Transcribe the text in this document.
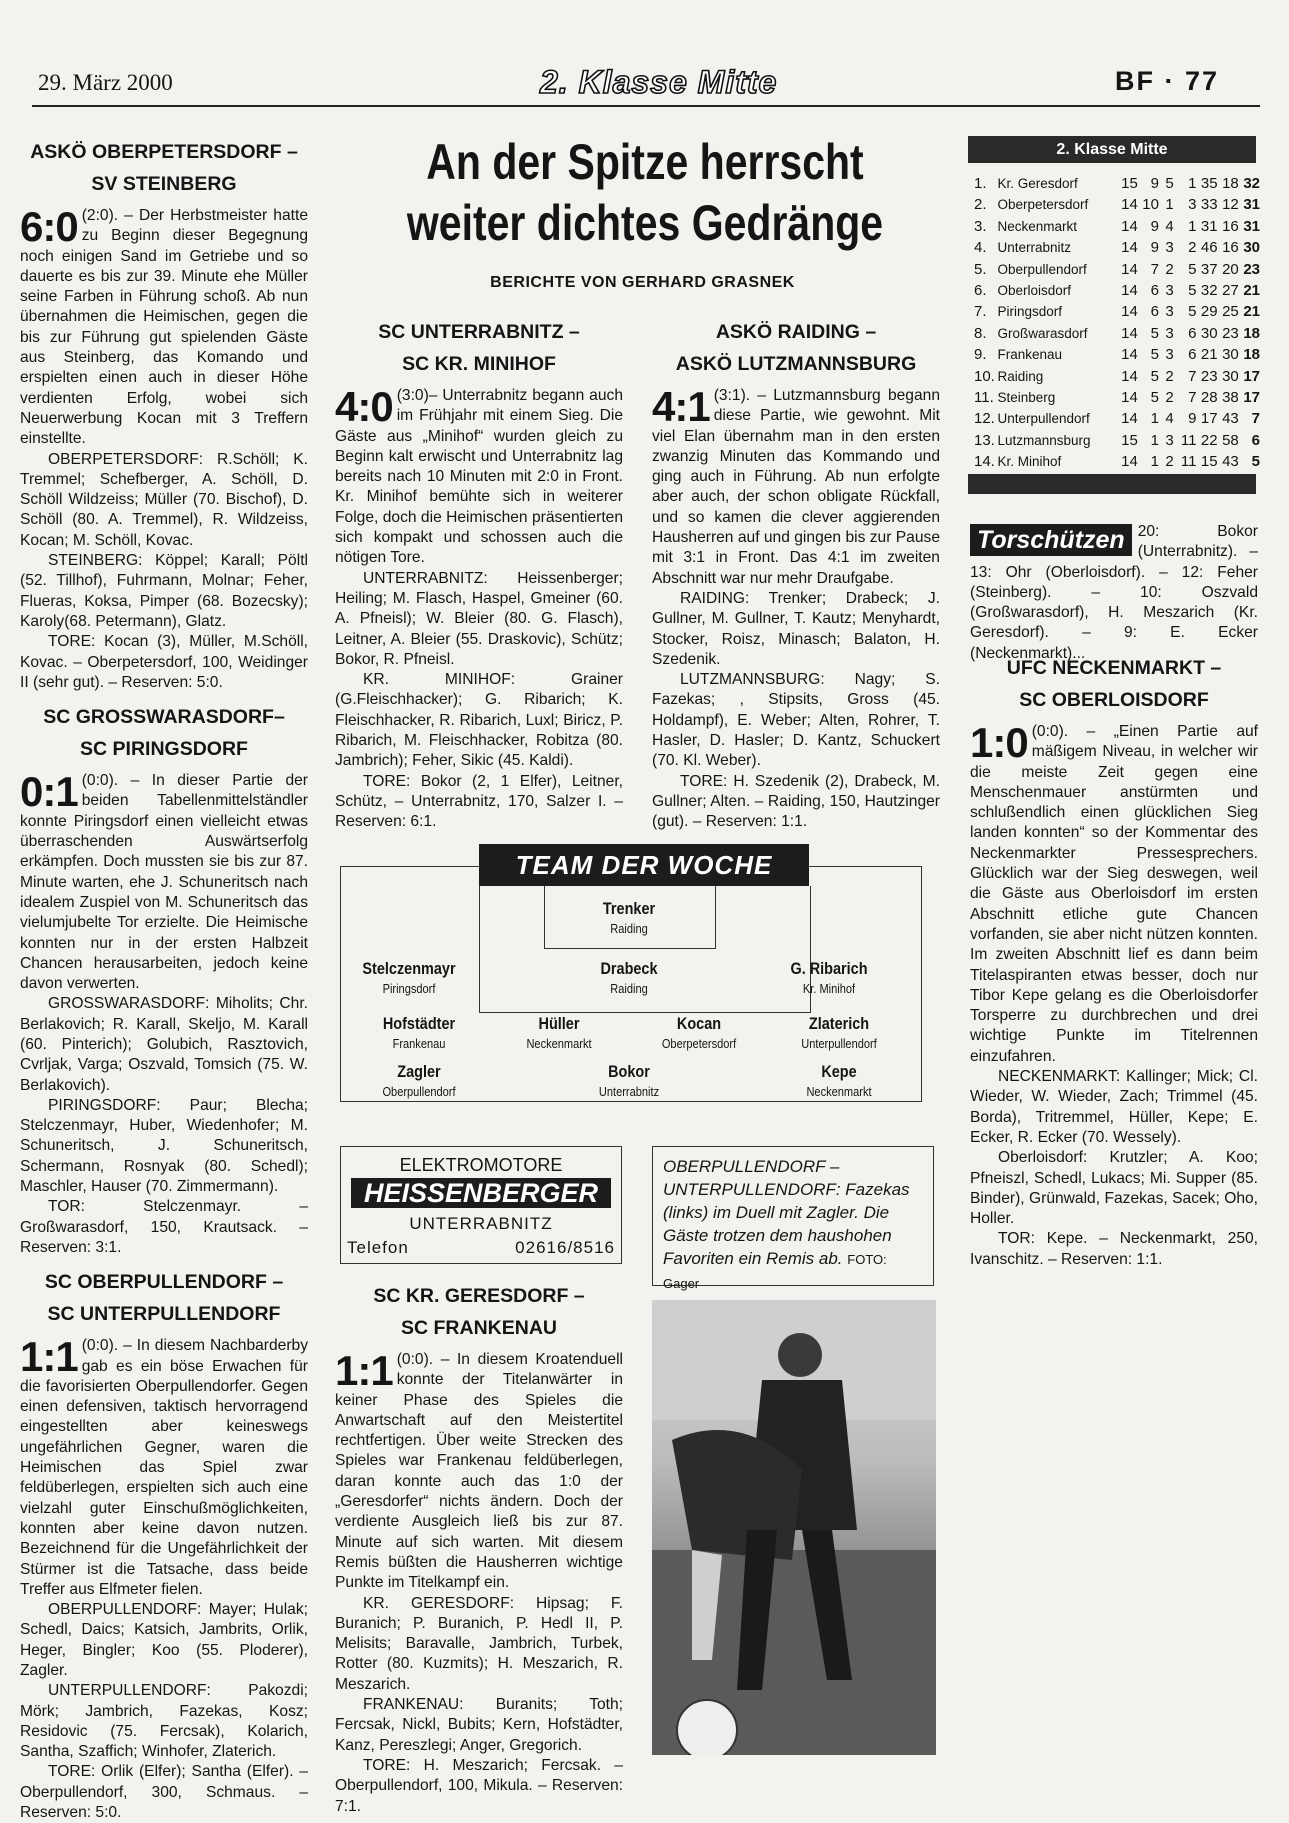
29. März 2000	2. Klasse Mitte	BF · 77
An der Spitze herrscht
weiter dichtes Gedränge
BERICHTE VON GERHARD GRASNEK
ASKÖ OBERPETERSDORF –
SV STEINBERG

6:0 (2:0). – Der Herbstmeister hatte zu Beginn dieser Begegnung noch einigen Sand im Getriebe und so dauerte es bis zur 39. Minute ehe Müller seine Farben in Führung schoß. Ab nun übernahmen die Heimischen, gegen die bis zur Führung gut spielenden Gäste aus Steinberg, das Komando und erspielten einen auch in dieser Höhe verdienten Erfolg, wobei sich Neuerwerbung Kocan mit 3 Treffern einstellte.

OBERPETERSDORF: R.Schöll; K. Tremmel; Schefberger, A. Schöll, D. Schöll Wildzeiss; Müller (70. Bischof), D. Schöll (80. A. Tremmel), R. Wildzeiss, Kocan; M. Schöll, Kovac.

STEINBERG: Köppel; Karall; Pöltl (52. Tillhof), Fuhrmann, Molnar; Feher, Flueras, Koksa, Pimper (68. Bozecsky); Karoly(68. Petermann), Glatz.

TORE: Kocan (3), Müller, M.Schöll, Kovac. – Oberpetersdorf, 100, Weidinger II (sehr gut). – Reserven: 5:0.

SC GROSSWARASDORF–
SC PIRINGSDORF

0:1 (0:0). – In dieser Partie der beiden Tabellenmittelständler konnte Piringsdorf einen vielleicht etwas überraschenden Auswärtserfolg erkämpfen. Doch mussten sie bis zur 87. Minute warten, ehe J. Schuneritsch nach idealem Zuspiel von M. Schuneritsch das vielumjubelte Tor erzielte. Die Heimische konnten nur in der ersten Halbzeit Chancen herausarbeiten, jedoch keine davon verwerten.

GROSSWARASDORF: Miholits; Chr. Berlakovich; R. Karall, Skeljo, M. Karall (60. Pinterich); Golubich, Rasztovich, Cvrljak, Varga; Oszvald, Tomsich (75. W. Berlakovich).

PIRINGSDORF: Paur; Blecha; Stelczenmayr, Huber, Wiedenhofer; M. Schuneritsch, J. Schuneritsch, Schermann, Rosnyak (80. Schedl); Maschler, Hauser (70. Zimmermann).

TOR: Stelczenmayr. – Großwarasdorf, 150, Krautsack. – Reserven: 3:1.

SC OBERPULLENDORF –
SC UNTERPULLENDORF

1:1 (0:0). – In diesem Nachbarderby gab es ein böse Erwachen für die favorisierten Oberpullendorfer. Gegen einen defensiven, taktisch hervorragend eingestellten aber keineswegs ungefährlichen Gegner, waren die Heimischen das Spiel zwar feldüberlegen, erspielten sich auch eine vielzahl guter Einschußmöglichkeiten, konnten aber keine davon nutzen. Bezeichnend für die Ungefährlichkeit der Stürmer ist die Tatsache, dass beide Treffer aus Elfmeter fielen.

OBERPULLENDORF: Mayer; Hulak; Schedl, Daics; Katsich, Jambrits, Orlik, Heger, Bingler; Koo (55. Ploderer), Zagler.

UNTERPULLENDORF: Pakozdi; Mörk; Jambrich, Fazekas, Kosz; Residovic (75. Fercsak), Kolarich, Santha, Szaffich; Winhofer, Zlaterich.

TORE: Orlik (Elfer); Santha (Elfer). – Oberpullendorf, 300, Schmaus. – Reserven: 5:0.

SC UNTERRABNITZ –
SC KR. MINIHOF

4:0 (3:0)– Unterrabnitz begann auch im Frühjahr mit einem Sieg. Die Gäste aus „Minihof“ wurden gleich zu Beginn kalt erwischt und Unterrabnitz lag bereits nach 10 Minuten mit 2:0 in Front. Kr. Minihof bemühte sich in weiterer Folge, doch die Heimischen präsentierten sich kompakt und schossen auch die nötigen Tore.

UNTERRABNITZ: Heissenberger; Heiling; M. Flasch, Haspel, Gmeiner (60. A. Pfneisl); W. Bleier (80. G. Flasch), Leitner, A. Bleier (55. Draskovic), Schütz; Bokor, R. Pfneisl.

KR. MINIHOF: Grainer (G.Fleischhacker); G. Ribarich; K. Fleischhacker, R. Ribarich, Luxl; Biricz, P. Ribarich, M. Fleischhacker, Robitza (80. Jambrich); Feher, Sikic (45. Kaldi).

TORE: Bokor (2, 1 Elfer), Leitner, Schütz, – Unterrabnitz, 170, Salzer I. – Reserven: 6:1.

ASKÖ RAIDING –
ASKÖ LUTZMANNSBURG

4:1 (3:1). – Lutzmannsburg begann diese Partie, wie gewohnt. Mit viel Elan übernahm man in den ersten zwanzig Minuten das Kommando und ging auch in Führung. Ab nun erfolgte aber auch, der schon obligate Rückfall, und so kamen die clever aggierenden Hausherren auf und gingen bis zur Pause mit 3:1 in Front. Das 4:1 im zweiten Abschnitt war nur mehr Draufgabe.

RAIDING: Trenker; Drabeck; J. Gullner, M. Gullner, T. Kautz; Menyhardt, Stocker, Roisz, Minasch; Balaton, H. Szedenik.

LUTZMANNSBURG: Nagy; S. Fazekas; , Stipsits, Gross (45. Holdampf), E. Weber; Alten, Rohrer, T. Hasler, D. Hasler; D. Kantz, Schuckert (70. Kl. Weber).

TORE: H. Szedenik (2), Drabeck, M. Gullner; Alten. – Raiding, 150, Hautzinger (gut). – Reserven: 1:1.

TEAM DER WOCHE
Trenker
Raiding
Stelczenmayr
Piringsdorf
Drabeck
Raiding
G. Ribarich
Kr. Minihof
Hofstädter
Frankenau
Hüller
Neckenmarkt
Kocan
Oberpetersdorf
Zlaterich
Unterpullendorf
Zagler
Oberpullendorf
Bokor
Unterrabnitz
Kepe
Neckenmarkt
ELEKTROMOTORE
HEISSENBERGER
UNTERRABNITZ
Telefon	02616/8516
SC KR. GERESDORF –
SC FRANKENAU

1:1 (0:0). – In diesem Kroatenduell konnte der Titelanwärter in keiner Phase des Spieles die Anwartschaft auf den Meistertitel rechtfertigen. Über weite Strecken des Spieles war Frankenau feldüberlegen, daran konnte auch das 1:0 der „Geresdorfer“ nichts ändern. Doch der verdiente Ausgleich ließ bis zur 87. Minute auf sich warten. Mit diesem Remis büßten die Hausherren wichtige Punkte im Titelkampf ein.

KR. GERESDORF: Hipsag; F. Buranich; P. Buranich, P. Hedl II, P. Melisits; Baravalle, Jambrich, Turbek, Rotter (80. Kuzmits); H. Meszarich, R. Meszarich.

FRANKENAU: Buranits; Toth; Fercsak, Nickl, Bubits; Kern, Hofstädter, Kanz, Pereszlegi; Anger, Gregorich.

TORE: H. Meszarich; Fercsak. – Oberpullendorf, 100, Mikula. – Reserven: 7:1.

OBERPULLENDORF – UNTERPULLENDORF: Fazekas (links) im Duell mit Zagler. Die Gäste trotzen dem haushohen Favoriten ein Remis ab. FOTO: Gager
2. Klasse Mitte
1.	Kr. Geresdorf	15	9	5	1	35	18	32
2.	Oberpetersdorf	14	10	1	3	33	12	31
3.	Neckenmarkt	14	9	4	1	31	16	31
4.	Unterrabnitz	14	9	3	2	46	16	30
5.	Oberpullendorf	14	7	2	5	37	20	23
6.	Oberloisdorf	14	6	3	5	32	27	21
7.	Piringsdorf	14	6	3	5	29	25	21
8.	Großwarasdorf	14	5	3	6	30	23	18
9.	Frankenau	14	5	3	6	21	30	18
10.	Raiding	14	5	2	7	23	30	17
11.	Steinberg	14	5	2	7	28	38	17
12.	Unterpullendorf	14	1	4	9	17	43	7
13.	Lutzmannsburg	15	1	3	11	22	58	6
14.	Kr. Minihof	14	1	2	11	15	43	5
Torschützen 20: Bokor (Unterrabnitz). – 13: Ohr (Oberloisdorf). – 12: Feher (Steinberg). – 10: Oszvald (Großwarasdorf), H. Meszarich (Kr. Geresdorf). – 9: E. Ecker (Neckenmarkt)...
UFC NECKENMARKT –
SC OBERLOISDORF

1:0 (0:0). – „Einen Partie auf mäßigem Niveau, in welcher wir die meiste Zeit gegen eine Menschenmauer anstürmten und schlußendlich einen glücklichen Sieg landen konnten“ so der Kommentar des Neckenmarkter Pressesprechers. Glücklich war der Sieg deswegen, weil die Gäste aus Oberloisdorf im ersten Abschnitt etliche gute Chancen vorfanden, sie aber nicht nützen konnten. Im zweiten Abschnitt lief es dann beim Titelaspiranten etwas besser, doch nur Tibor Kepe gelang es die Oberloisdorfer Torsperre zu durchbrechen und drei wichtige Punkte im Titelrennen einzufahren.

NECKENMARKT: Kallinger; Mick; Cl. Wieder, W. Wieder, Zach; Trimmel (45. Borda), Tritremmel, Hüller, Kepe; E. Ecker, R. Ecker (70. Wessely).

Oberloisdorf: Krutzler; A. Koo; Pfneiszl, Schedl, Lukacs; Mi. Supper (85. Binder), Grünwald, Fazekas, Sacek; Oho, Holler.

TOR: Kepe. – Neckenmarkt, 250, Ivanschitz. – Reserven: 1:1.
